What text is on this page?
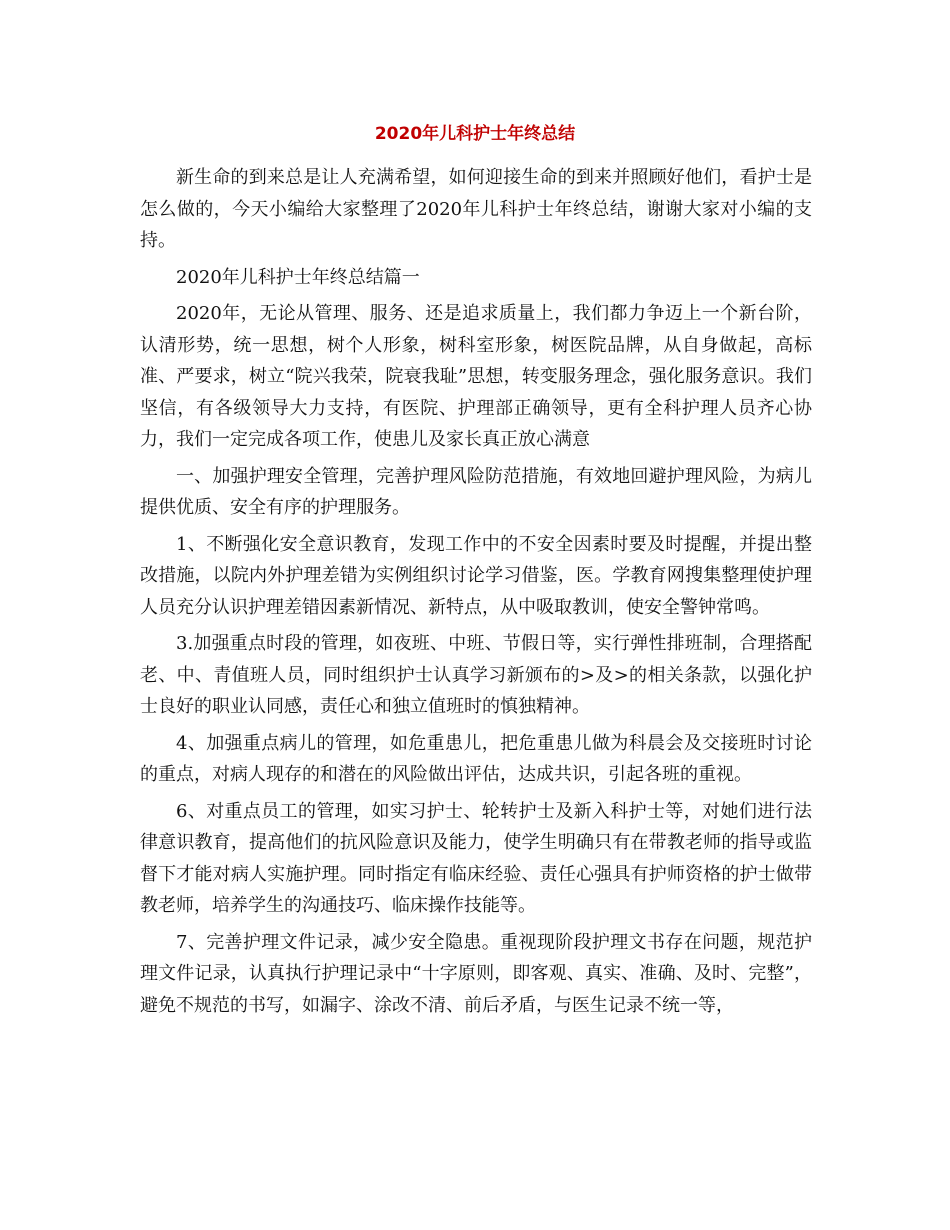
2020年儿科护士年终总结

新生命的到来总是让人充满希望，如何迎接生命的到来并照顾好他们，看护士是怎么做的，今天小编给大家整理了2020年儿科护士年终总结，谢谢大家对小编的支持。

2020年儿科护士年终总结篇一

2020年，无论从管理、服务、还是追求质量上，我们都力争迈上一个新台阶，认清形势，统一思想，树个人形象，树科室形象，树医院品牌，从自身做起，高标准、严要求，树立“院兴我荣，院衰我耻”思想，转变服务理念，强化服务意识。我们坚信，有各级领导大力支持，有医院、护理部正确领导，更有全科护理人员齐心协力，我们一定完成各项工作，使患儿及家长真正放心满意

一、加强护理安全管理，完善护理风险防范措施，有效地回避护理风险，为病儿提供优质、安全有序的护理服务。

1、不断强化安全意识教育，发现工作中的不安全因素时要及时提醒，并提出整改措施，以院内外护理差错为实例组织讨论学习借鉴，医。学教育网搜集整理使护理人员充分认识护理差错因素新情况、新特点，从中吸取教训，使安全警钟常鸣。

3.加强重点时段的管理，如夜班、中班、节假日等，实行弹性排班制，合理搭配老、中、青值班人员，同时组织护士认真学习新颁布的>及>的相关条款，以强化护士良好的职业认同感，责任心和独立值班时的慎独精神。

4、加强重点病儿的管理，如危重患儿，把危重患儿做为科晨会及交接班时讨论的重点，对病人现存的和潜在的风险做出评估，达成共识，引起各班的重视。

6、对重点员工的管理，如实习护士、轮转护士及新入科护士等，对她们进行法律意识教育，提高他们的抗风险意识及能力，使学生明确只有在带教老师的指导或监督下才能对病人实施护理。同时指定有临床经验、责任心强具有护师资格的护士做带教老师，培养学生的沟通技巧、临床操作技能等。

7、完善护理文件记录，减少安全隐患。重视现阶段护理文书存在问题，规范护理文件记录，认真执行护理记录中“十字原则，即客观、真实、准确、及时、完整”，避免不规范的书写，如漏字、涂改不清、前后矛盾，与医生记录不统一等，
